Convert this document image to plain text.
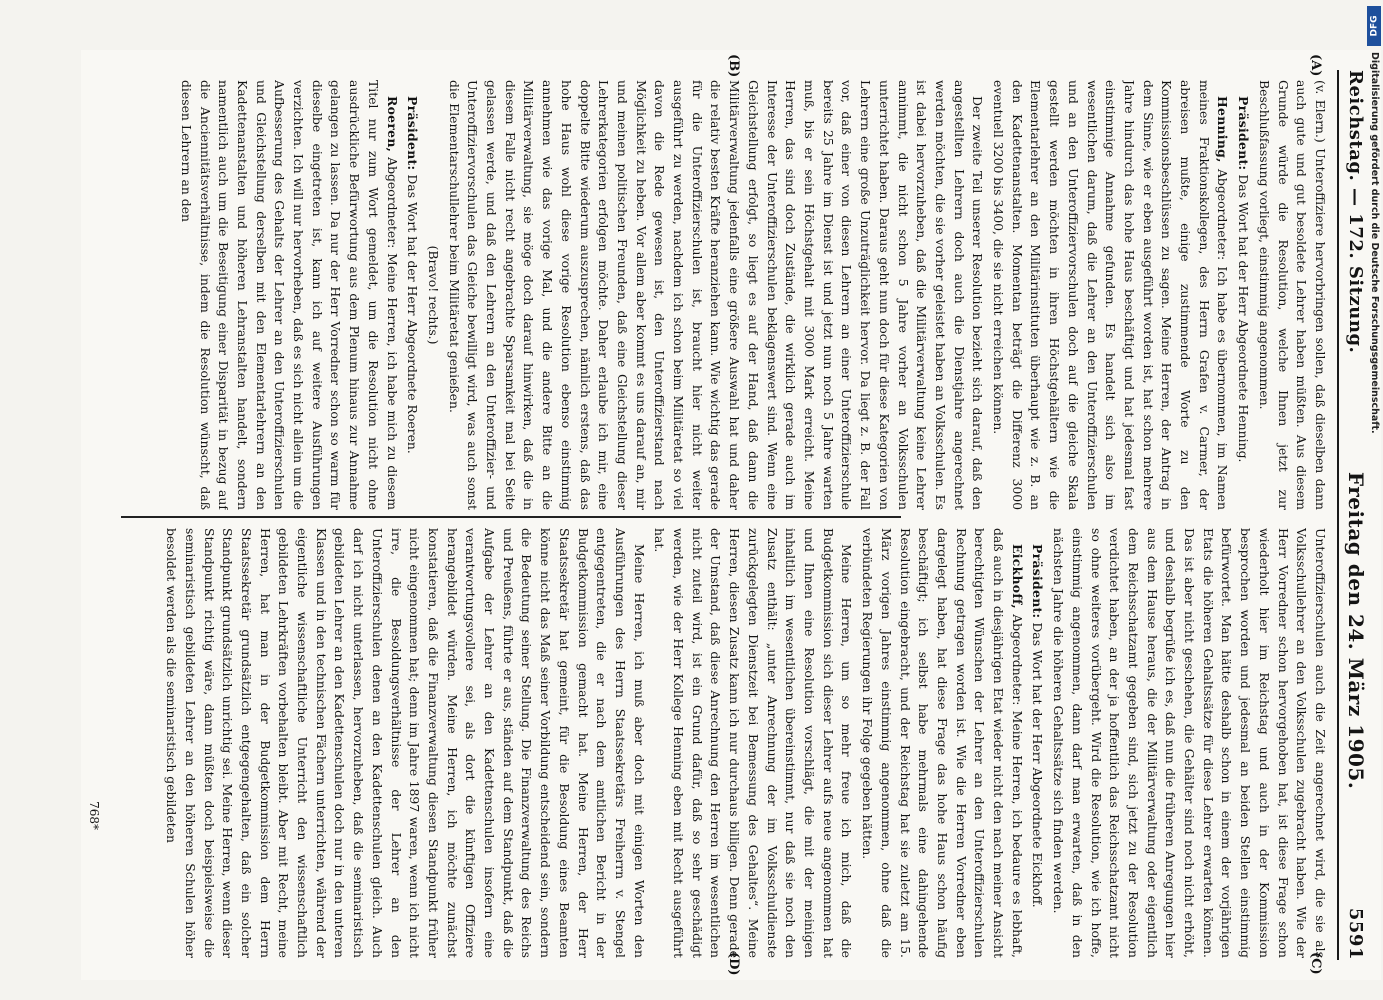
Reichstag. — 172. Sitzung.
Freitag den 24. März 1905.
5591
(A)
(B)
(C)
(D)

(v. Elern.) Unteroffiziere hervorbringen sollen, daß dieselben dann auch gute und gut besoldete Lehrer haben müßten. Aus diesem Grunde würde die Resolution, welche Ihnen jetzt zur Beschlußfassung vorliegt, einstimmig angenommen.

Präsident: Das Wort hat der Herr Abgeordnete Henning.

Henning, Abgeordneter: Ich habe es übernommen, im Namen meines Fraktionskollegen, des Herrn Grafen v. Carmer, der abreisen mußte, einige zustimmende Worte zu den Kommissionsbeschlüssen zu sagen. Meine Herren, der Antrag in dem Sinne, wie er eben ausgeführt worden ist, hat schon mehrere Jahre hindurch das hohe Haus beschäftigt und hat jedesmal fast einstimmige Annahme gefunden. Es handelt sich also im wesentlichen darum, daß die Lehrer an den Unteroffizierschulen und an den Unteroffiziervorschulen doch auf die gleiche Skala gestellt werden möchten in ihren Höchstgehältern wie die Elementarlehrer an den Militärinstituten überhaupt wie z. B. an den Kadettenanstalten. Momentan beträgt die Differenz 3000 eventuell 3200 bis 3400, die sie nicht erreichen können.

Der zweite Teil unserer Resolution bezieht sich darauf, daß den angestellten Lehrern doch auch die Dienstjahre angerechnet werden möchten, die sie vorher geleistet haben an Volksschulen. Es ist dabei hervorzuheben, daß die Militärverwaltung keine Lehrer annimmt, die nicht schon 5 Jahre vorher an Volksschulen unterrichtet haben. Daraus geht nun doch für diese Kategorien von Lehrern eine große Unzuträglichkeit hervor. Da liegt z. B. der Fall vor, daß einer von diesen Lehrern an einer Unteroffizierschule bereits 25 Jahre im Dienst ist und jetzt nun noch 5 Jahre warten muß, bis er sein Höchstgehalt mit 3000 Mark erreicht. Meine Herren, das sind doch Zustände, die wirklich gerade auch im Interesse der Unteroffizierschulen beklagenswert sind. Wenn eine Gleichstellung erfolgt, so liegt es auf der Hand, daß dann die Militärverwaltung jedenfalls eine größere Auswahl hat und daher die relativ besten Kräfte heranziehen kann. Wie wichtig das gerade für die Unteroffizierschulen ist, braucht hier nicht weiter ausgeführt zu werden, nachdem ich schon beim Militäretat so viel davon die Rede gewesen ist, den Unteroffizierstand nach Möglichkeit zu heben. Vor allem aber kommt es uns darauf an, mir und meinen politischen Freunden, daß eine Gleichstellung dieser Lehrerkategorien erfolgen möchte. Daher erlaube ich mir, eine doppelte Bitte wiederum auszusprechen, nämlich erstens, daß das hohe Haus wohl diese vorige Resolution ebenso einstimmig annehmen wie das vorige Mal, und die andere Bitte an die Militärverwaltung, sie möge doch darauf hinwirken, daß die in diesem Falle nicht recht angebrachte Sparsamkeit mal bei Seite gelassen werde, und daß den Lehrern an den Unteroffizier- und Unteroffiziervorschulen das Gleiche bewilligt wird, was auch sonst die Elementarschullehrer beim Militäretat genießen.

(Bravo! rechts.)

Präsident: Das Wort hat der Herr Abgeordnete Roeren.

Roeren, Abgeordneter: Meine Herren, ich habe mich zu diesem Titel nur zum Wort gemeldet, um die Resolution nicht ohne ausdrückliche Befürwortung aus dem Plenum hinaus zur Annahme gelangen zu lassen. Da nur der Herr Vorredner schon so warm für dieselbe eingetreten ist, kann ich auf weitere Ausführungen verzichten. Ich will nur hervorheben, daß es sich nicht allein um die Aufbesserung des Gehalts der Lehrer an den Unteroffizierschulen und Gleichstellung derselben mit den Elementarlehrern an den Kadettenanstalten und höheren Lehranstalten handelt, sondern namentlich auch um die Beseitigung einer Disparität in bezug auf die Anciennitätsverhältnisse, indem die Resolution wünscht, daß diesen Lehrern an den

Unteroffizierschulen auch die Zeit angerechnet wird, die sie als Volksschullehrer an den Volksschulen zugebracht haben. Wie der Herr Vorredner schon hervorgehoben hat, ist diese Frage schon wiederholt hier im Reichstag und auch in der Kommission besprochen worden und jedesmal an beiden Stellen einstimmig befürwortet. Man hätte deshalb schon in einem der vorjährigen Etats die höheren Gehaltssätze für diese Lehrer erwarten können. Das ist aber nicht geschehen, die Gehälter sind noch nicht erhöht, und deshalb begrüße ich es, daß nun die früheren Anregungen hier aus dem Hause heraus, die der Militärverwaltung oder eigentlich dem Reichsschatzamt gegeben sind, sich jetzt zu der Resolution verdichtet haben, an der ja hoffentlich das Reichsschatzamt nicht so ohne weiteres vorübergeht. Wird die Resolution, wie ich hoffe, einstimmig angenommen, dann darf man erwarten, daß in den nächsten Jahre die höheren Gehaltssätze sich finden werden.

Präsident: Das Wort hat der Herr Abgeordnete Eickhoff.

Eickhoff, Abgeordneter: Meine Herren, ich bedaure es lebhaft, daß auch in diesjährigen Etat wieder nicht den nach meiner Ansicht berechtigten Wünschen der Lehrer an den Unteroffizierschulen Rechnung getragen worden ist. Wie die Herren Vorredner eben dargelegt haben, hat diese Frage das hohe Haus schon häufig beschäftigt; ich selbst habe mehrmals eine dahingehende Resolution eingebracht, und der Reichstag hat sie zuletzt am 15. März vorigen Jahres einstimmig angenommen, ohne daß die verbündeten Regierungen ihr Folge gegeben hätten.

Meine Herren, um so mehr freue ich mich, daß die Budgetkommission sich dieser Lehrer aufs neue angenommen hat und Ihnen eine Resolution vorschlägt, die mit der meinigen inhaltlich im wesentlichen übereinstimmt, nur daß sie noch den Zusatz enthält: „unter Anrechnung der im Volksschuldienste zurückgelegten Dienstzeit bei Bemessung des Gehaltes“. Meine Herren, diesen Zusatz kann ich nur durchaus billigen. Denn gerade der Umstand, daß diese Anrechnung den Herren im wesentlichen nicht zuteil wird, ist ein Grund dafür, daß so sehr geschädigt werden, wie der Herr Kollege Henning eben mit Recht ausgeführt hat.

Meine Herren, ich muß aber doch mit einigen Worten den Ausführungen des Herrn Staatssekretärs Freiherrn v. Stengel entgegentreten, die er nach dem amtlichen Bericht in der Budgetkommission gemacht hat. Meine Herren, der Herr Staatssekretär hat gemeint, für die Besoldung eines Beamten könne nicht das Maß seiner Vorbildung entscheidend sein, sondern die Bedeutung seiner Stellung. Die Finanzverwaltung des Reichs und Preußens, führte er aus, ständen auf dem Standpunkt, daß die Aufgabe der Lehrer an den Kadettenschulen insofern eine verantwortungsvollere sei, als dort die künftigen Offiziere herangebildet würden. Meine Herren, ich möchte zunächst konstatieren, daß die Finanzverwaltung diesen Standpunkt früher nicht eingenommen hat; denn im Jahre 1897 waren, wenn ich nicht irre, die Besoldungsverhältnisse der Lehrer an den Unteroffizierschulen denen an den Kadettenschulen gleich. Auch darf ich nicht unterlassen, hervorzuheben, daß die seminaristisch gebildeten Lehrer an den Kadettenschulen doch nur in den unteren Klassen und in den technischen Fächern unterrichten, während der eigentliche wissenschaftliche Unterricht den wissenschaftlich gebildeten Lehrkräften vorbehalten bleibt. Aber mit Recht, meine Herren, hat man in der Budgetkommission dem Herrn Staatssekretär grundsätzlich entgegengehalten, daß ein solcher Standpunkt grundsätzlich unrichtig sei. Meine Herren, wenn dieser Standpunkt richtig wäre, dann müßten doch beispielsweise die seminaristisch gebildeten Lehrer an den höheren Schulen höher besoldet werden als die seminaristisch gebildeten

768*
DFG
Digitalisierung gefördert durch die Deutsche Forschungsgemeinschaft.
